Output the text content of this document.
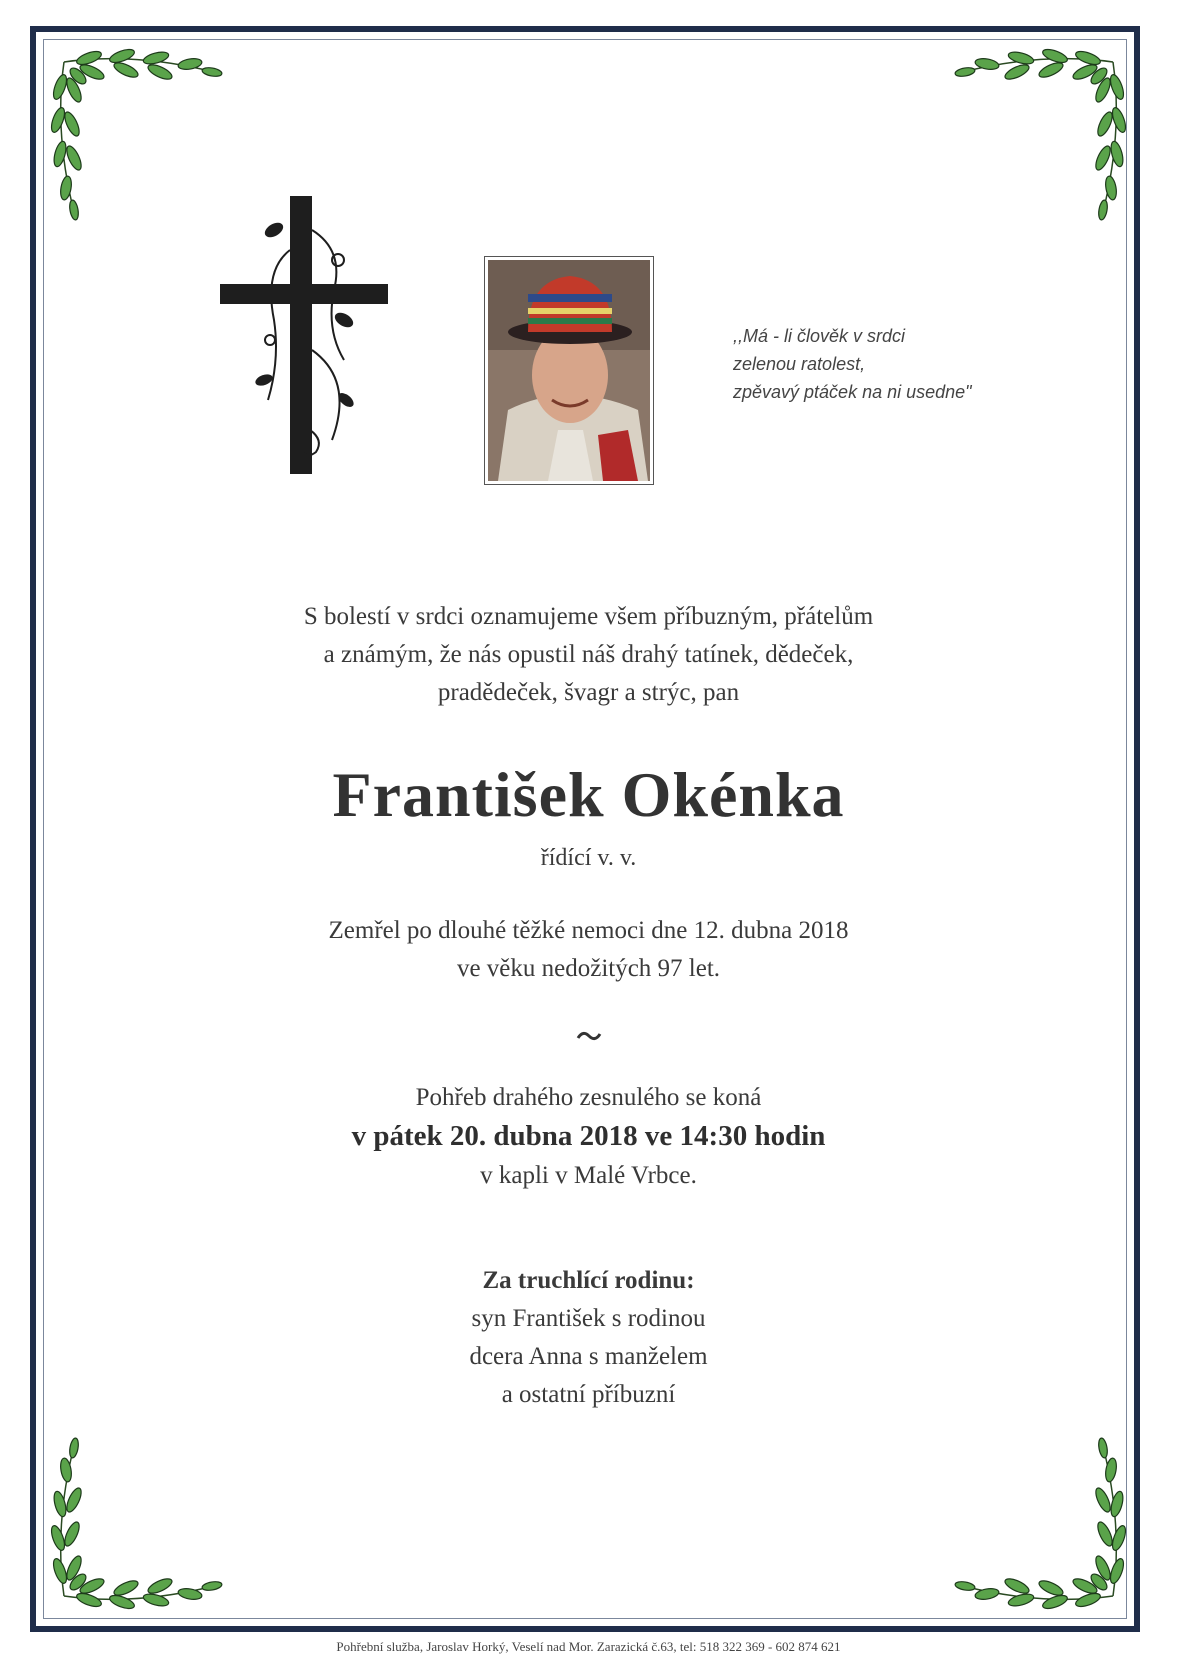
,,Má - li člověk v srdci
zelenou ratolest,
zpěvavý ptáček na ni usedne"
S bolestí v srdci oznamujeme všem příbuzným, přátelům
a známým, že nás opustil náš drahý tatínek, dědeček,
pradědeček, švagr a strýc, pan
František Okénka
řídící v. v.
Zemřel po dlouhé těžké nemoci dne 12. dubna 2018
ve věku nedožitých 97 let.
Pohřeb drahého zesnulého se koná
v pátek 20. dubna 2018 ve 14:30 hodin
v kapli v Malé Vrbce.
Za truchlící rodinu:
syn František s rodinou
dcera Anna s manželem
a ostatní příbuzní
Pohřební služba, Jaroslav Horký, Veselí nad Mor. Zarazická č.63, tel: 518 322 369 - 602 874 621
